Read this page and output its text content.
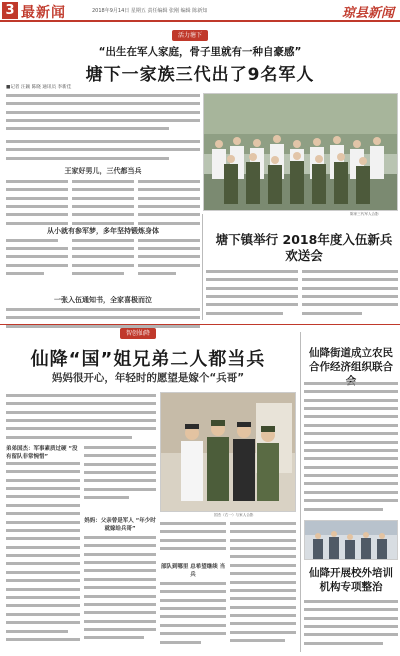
3 最新闻	2018年9月14日 星期五 责任编辑 张刚 编辑 陈新知	琼县新闻
活力塘下
“出生在军人家庭，骨子里就有一种自豪感”
塘下一家族三代出了9名军人
■记者 汪颖 陈晓 通讯员 李新佳
陈家三代军人合影
王家好男儿，三代都当兵
从小就有参军梦，多年坚持锻炼身体
一张入伍通知书，全家喜极而泣
塘下镇举行 2018年度入伍新兵欢送会
智创仙降
仙降“国”姐兄弟二人都当兵
妈妈很开心，年轻时的愿望是嫁个“兵哥”
国杰（右一）与家人合影
弟弟国杰：军事素质过硬 “没有留队非常惋惜”
妈妈：父亲曾是军人 “年少时就嫁给兵哥”
部队到哪里 总希望继续 当兵
仙降街道成立农民合作经济组织联合
仙降开展校外培训机构专项整治
